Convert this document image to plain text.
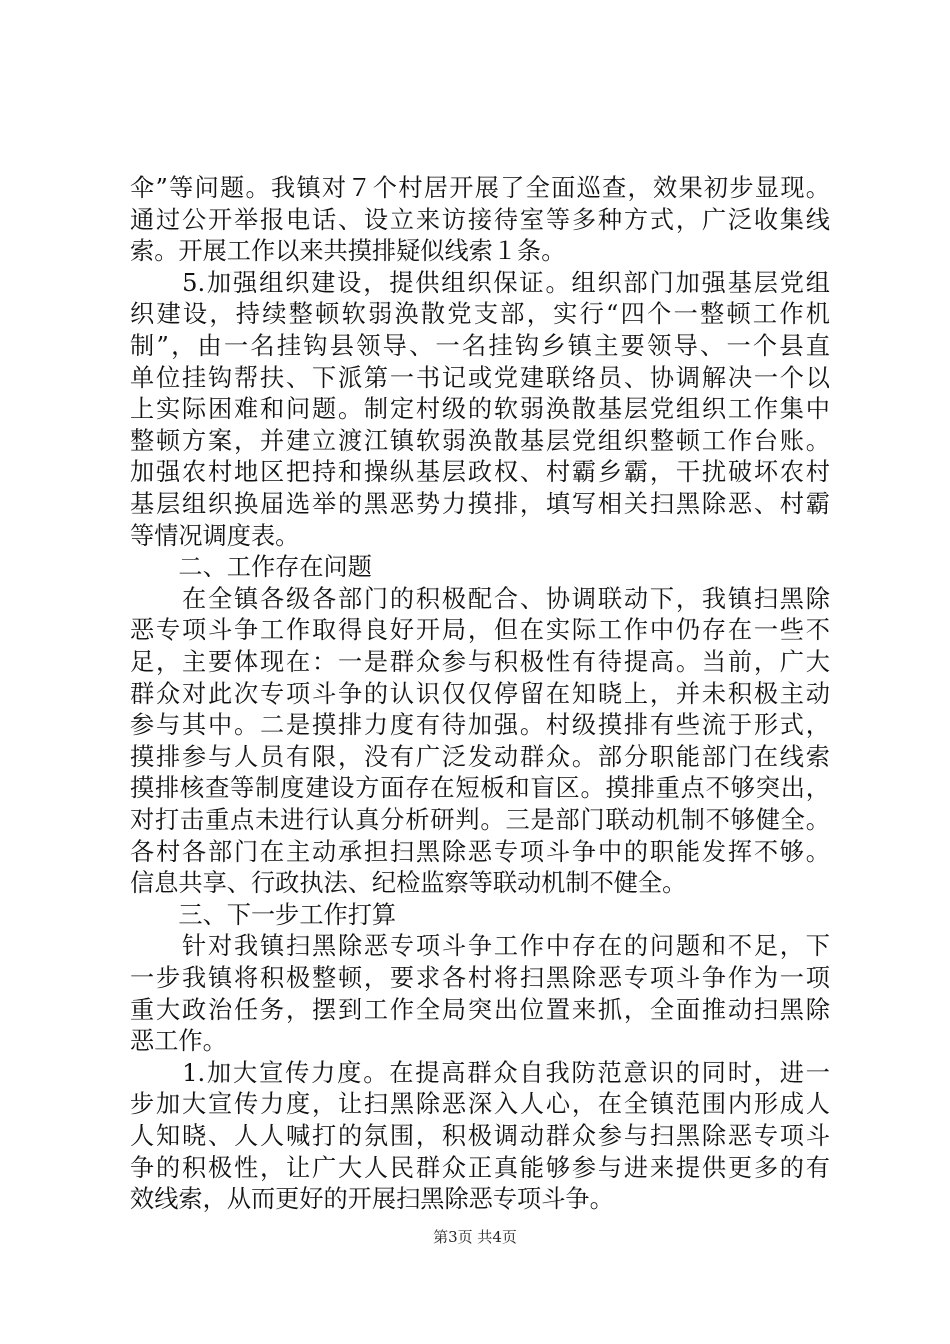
伞”等问题。我镇对７个村居开展了全面巡查，效果初步显现。
通过公开举报电话、设立来访接待室等多种方式，广泛收集线
索。开展工作以来共摸排疑似线索１条。
　　5.加强组织建设，提供组织保证。组织部门加强基层党组
织建设，持续整顿软弱涣散党支部，实行“四个一整顿工作机
制”，由一名挂钩县领导、一名挂钩乡镇主要领导、一个县直
单位挂钩帮扶、下派第一书记或党建联络员、协调解决一个以
上实际困难和问题。制定村级的软弱涣散基层党组织工作集中
整顿方案，并建立渡江镇软弱涣散基层党组织整顿工作台账。
加强农村地区把持和操纵基层政权、村霸乡霸，干扰破坏农村
基层组织换届选举的黑恶势力摸排，填写相关扫黑除恶、村霸
等情况调度表。
　　二、工作存在问题
　　在全镇各级各部门的积极配合、协调联动下，我镇扫黑除
恶专项斗争工作取得良好开局，但在实际工作中仍存在一些不
足，主要体现在：一是群众参与积极性有待提高。当前，广大
群众对此次专项斗争的认识仅仅停留在知晓上，并未积极主动
参与其中。二是摸排力度有待加强。村级摸排有些流于形式，
摸排参与人员有限，没有广泛发动群众。部分职能部门在线索
摸排核查等制度建设方面存在短板和盲区。摸排重点不够突出，
对打击重点未进行认真分析研判。三是部门联动机制不够健全。
各村各部门在主动承担扫黑除恶专项斗争中的职能发挥不够。
信息共享、行政执法、纪检监察等联动机制不健全。
　　三、下一步工作打算
　　针对我镇扫黑除恶专项斗争工作中存在的问题和不足，下
一步我镇将积极整顿，要求各村将扫黑除恶专项斗争作为一项
重大政治任务，摆到工作全局突出位置来抓，全面推动扫黑除
恶工作。
　　1.加大宣传力度。在提高群众自我防范意识的同时，进一
步加大宣传力度，让扫黑除恶深入人心，在全镇范围内形成人
人知晓、人人喊打的氛围，积极调动群众参与扫黑除恶专项斗
争的积极性，让广大人民群众正真能够参与进来提供更多的有
效线索，从而更好的开展扫黑除恶专项斗争。
第3页 共4页
